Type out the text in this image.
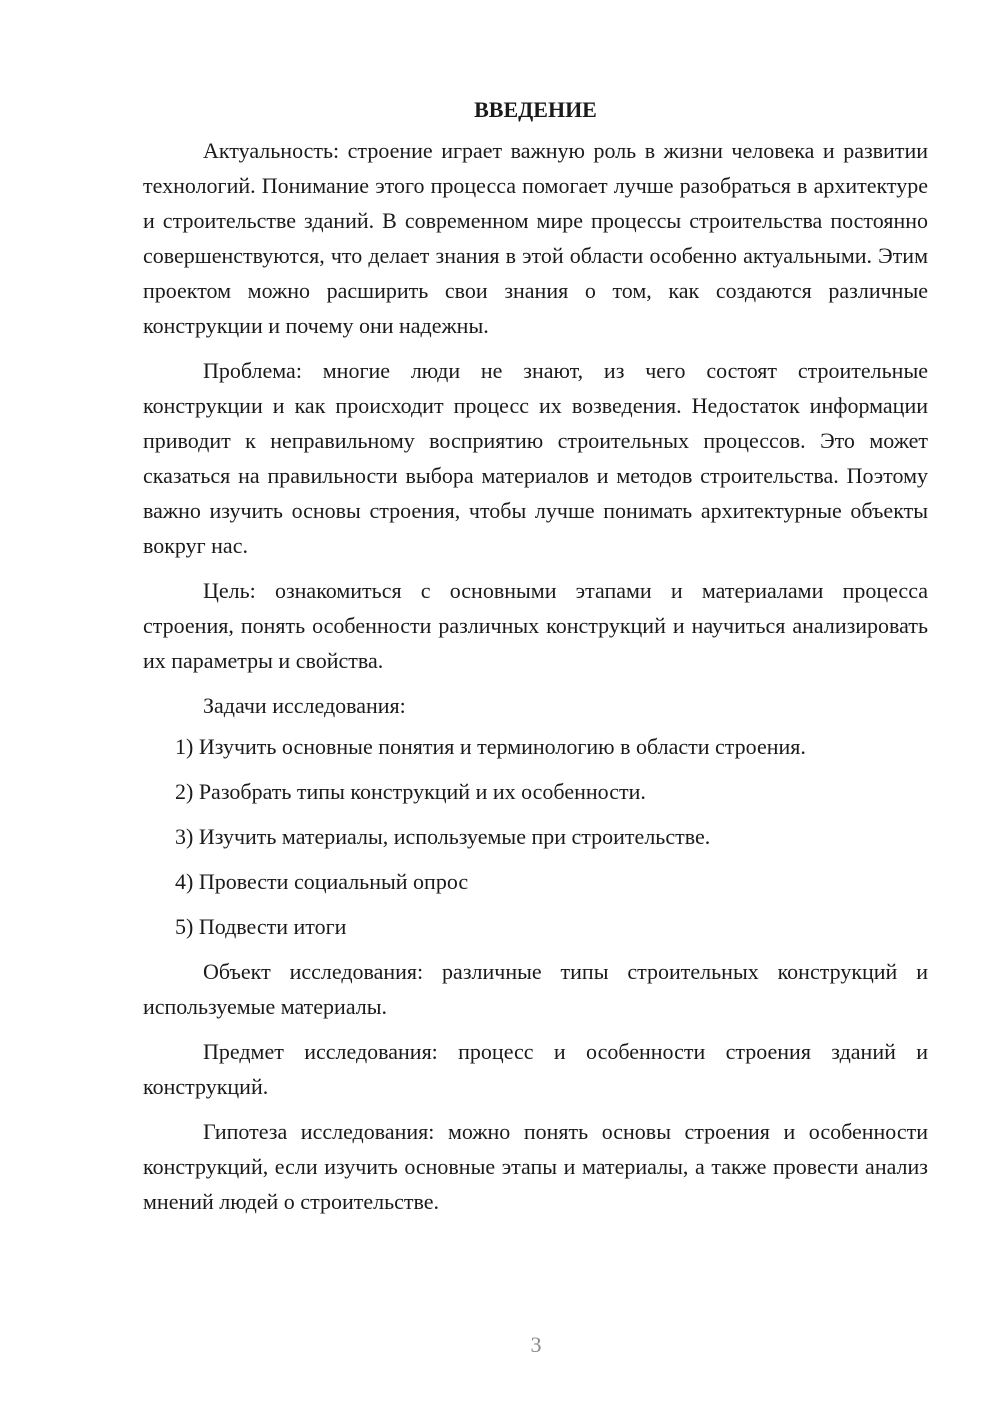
ВВЕДЕНИЕ

Актуальность: строение играет важную роль в жизни человека и развитии технологий. Понимание этого процесса помогает лучше разобраться в архитектуре и строительстве зданий. В современном мире процессы строительства постоянно совершенствуются, что делает знания в этой области особенно актуальными. Этим проектом можно расширить свои знания о том, как создаются различные конструкции и почему они надежны.

Проблема: многие люди не знают, из чего состоят строительные конструкции и как происходит процесс их возведения. Недостаток информации приводит к неправильному восприятию строительных процессов. Это может сказаться на правильности выбора материалов и методов строительства. Поэтому важно изучить основы строения, чтобы лучше понимать архитектурные объекты вокруг нас.

Цель: ознакомиться с основными этапами и материалами процесса строения, понять особенности различных конструкций и научиться анализировать их параметры и свойства.

Задачи исследования:
1) Изучить основные понятия и терминологию в области строения.
2) Разобрать типы конструкций и их особенности.
3) Изучить материалы, используемые при строительстве.
4) Провести социальный опрос
5) Подвести итоги

Объект исследования: различные типы строительных конструкций и используемые материалы.

Предмет исследования: процесс и особенности строения зданий и конструкций.

Гипотеза исследования: можно понять основы строения и особенности конструкций, если изучить основные этапы и материалы, а также провести анализ мнений людей о строительстве.

3
